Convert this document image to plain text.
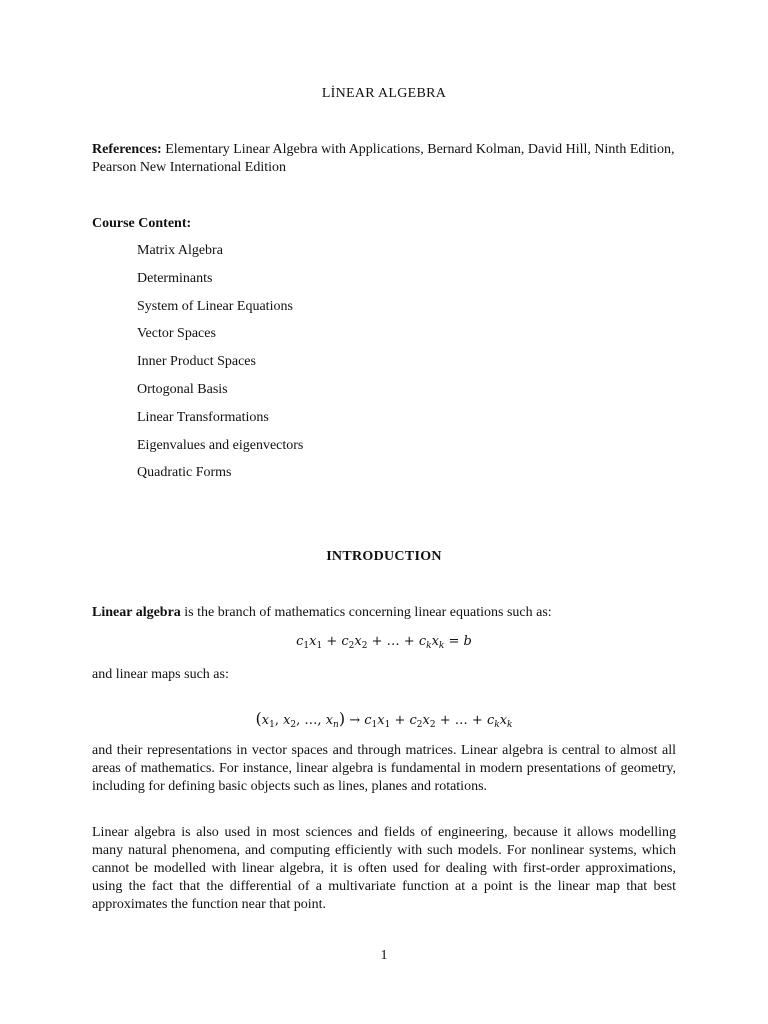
LİNEAR ALGEBRA
References: Elementary Linear Algebra with Applications, Bernard Kolman, David Hill, Ninth Edition, Pearson New International Edition
Course Content:
Matrix Algebra
Determinants
System of Linear Equations
Vector Spaces
Inner Product Spaces
Ortogonal Basis
Linear Transformations
Eigenvalues and eigenvectors
Quadratic Forms
INTRODUCTION
Linear algebra is the branch of mathematics concerning linear equations such as:
$c_1x_1 + c_2x_2$ + … + $c_kx_k = b$
and linear maps such as:
($x_1$, $x_2$, …, $x_n) \to c_1x_1 + c_2x_2$ + … + $c_kx_k$
and their representations in vector spaces and through matrices. Linear algebra is central to almost all areas of mathematics. For instance, linear algebra is fundamental in modern presentations of geometry, including for defining basic objects such as lines, planes and rotations.
Linear algebra is also used in most sciences and fields of engineering, because it allows modelling many natural phenomena, and computing efficiently with such models. For nonlinear systems, which cannot be modelled with linear algebra, it is often used for dealing with first-order approximations, using the fact that the differential of a multivariate function at a point is the linear map that best approximates the function near that point.
1
